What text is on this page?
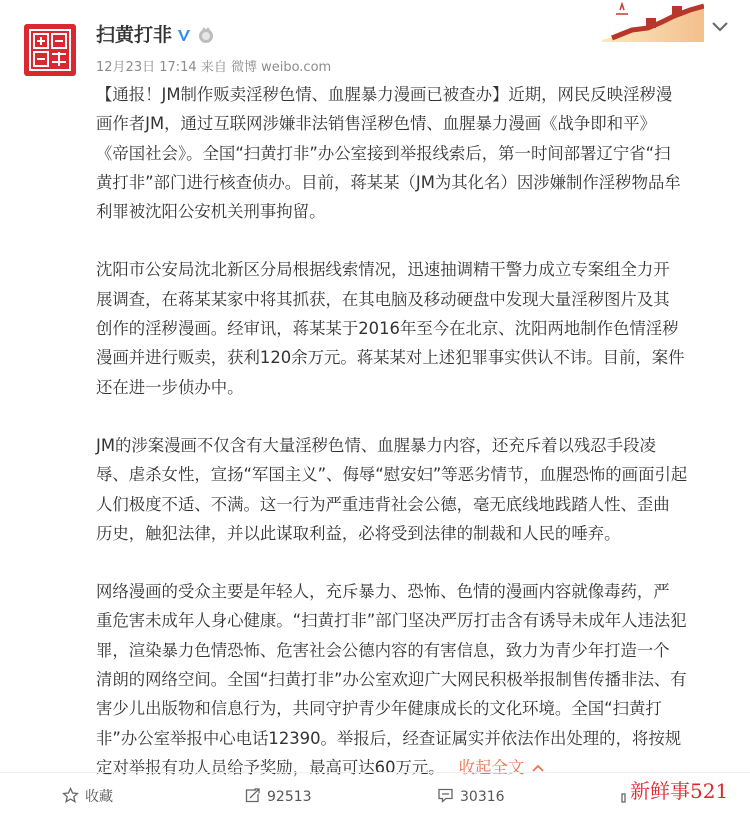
扫黄打非
12月23日 17:14 来自 微博 weibo.com

【通报！JM制作贩卖淫秽色情、血腥暴力漫画已被查办】近期，网民反映淫秽漫
画作者JM，通过互联网涉嫌非法销售淫秽色情、血腥暴力漫画《战争即和平》
《帝国社会》。全国“扫黄打非”办公室接到举报线索后，第一时间部署辽宁省“扫
黄打非”部门进行核查侦办。目前，蒋某某（JM为其化名）因涉嫌制作淫秽物品牟
利罪被沈阳公安机关刑事拘留。

沈阳市公安局沈北新区分局根据线索情况，迅速抽调精干警力成立专案组全力开
展调查，在蒋某某家中将其抓获，在其电脑及移动硬盘中发现大量淫秽图片及其
创作的淫秽漫画。经审讯，蒋某某于2016年至今在北京、沈阳两地制作色情淫秽
漫画并进行贩卖，获利120余万元。蒋某某对上述犯罪事实供认不讳。目前，案件
还在进一步侦办中。

JM的涉案漫画不仅含有大量淫秽色情、血腥暴力内容，还充斥着以残忍手段凌
辱、虐杀女性，宣扬“军国主义”、侮辱“慰安妇”等恶劣情节，血腥恐怖的画面引起
人们极度不适、不满。这一行为严重违背社会公德，毫无底线地践踏人性、歪曲
历史，触犯法律，并以此谋取利益，必将受到法律的制裁和人民的唾弃。

网络漫画的受众主要是年轻人，充斥暴力、恐怖、色情的漫画内容就像毒药，严
重危害未成年人身心健康。“扫黄打非”部门坚决严厉打击含有诱导未成年人违法犯
罪，渲染暴力色情恐怖、危害社会公德内容的有害信息，致力为青少年打造一个
清朗的网络空间。全国“扫黄打非”办公室欢迎广大网民积极举报制售传播非法、有
害少儿出版物和信息行为，共同守护青少年健康成长的文化环境。全国“扫黄打
非”办公室举报中心电话12390。举报后，经查证属实并依法作出处理的，将按规
定对举报有功人员给予奖励，最高可达60万元。 收起全文

收藏	92513	30316	新鲜事521
